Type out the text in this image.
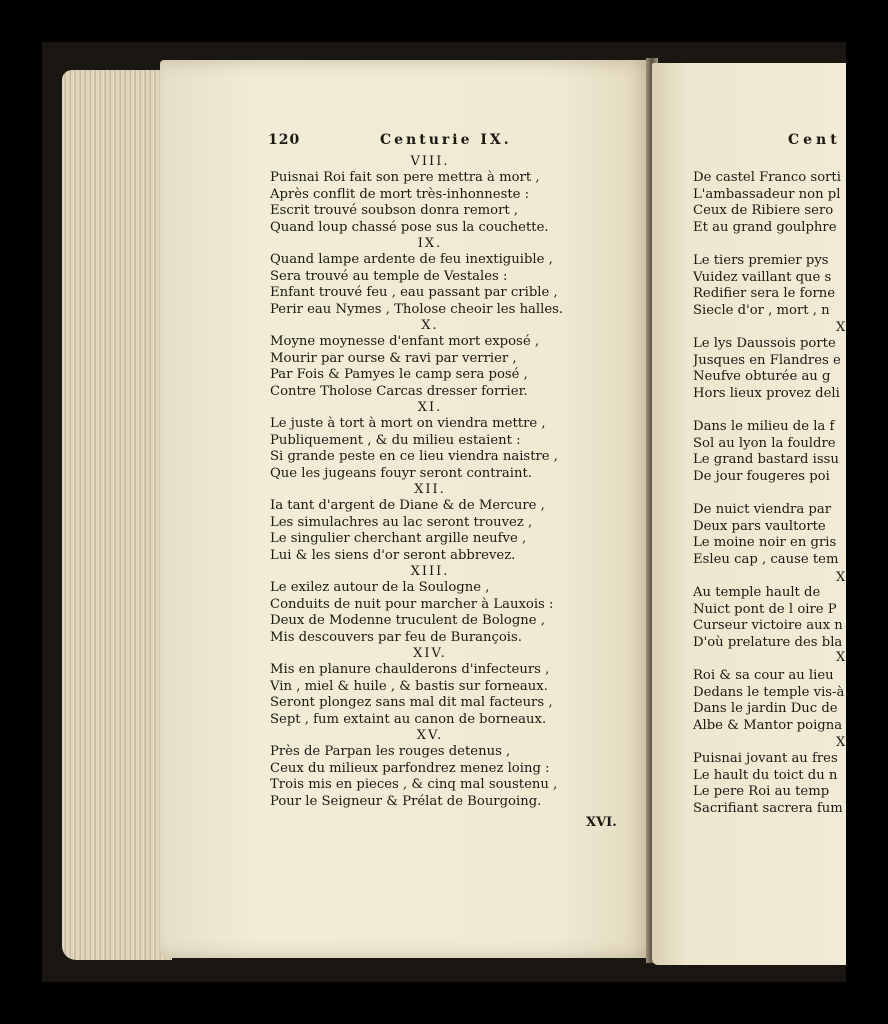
120	Centurie IX.
VIII.
Puisnai Roi fait son pere mettra à mort ,
Après conflit de mort très-inhonneste :
Escrit trouvé soubson donra remort ,
Quand loup chassé pose sus la couchette.
IX.
Quand lampe ardente de feu inextiguible ,
Sera trouvé au temple de Vestales :
Enfant trouvé feu , eau passant par crible ,
Perir eau Nymes , Tholose cheoir les halles.
X.
Moyne moynesse d'enfant mort exposé ,
Mourir par ourse & ravi par verrier ,
Par Fois & Pamyes le camp sera posé ,
Contre Tholose Carcas dresser forrier.
XI.
Le juste à tort à mort on viendra mettre ,
Publiquement , & du milieu estaient :
Si grande peste en ce lieu viendra naistre ,
Que les jugeans fouyr seront contraint.
XII.
Ia tant d'argent de Diane & de Mercure ,
Les simulachres au lac seront trouvez ,
Le singulier cherchant argille neufve ,
Lui & les siens d'or seront abbrevez.
XIII.
Le exilez autour de la Soulogne ,
Conduits de nuit pour marcher à Lauxois :
Deux de Modenne truculent de Bologne ,
Mis descouvers par feu de Burançois.
XIV.
Mis en planure chaulderons d'infecteurs ,
Vin , miel & huile , & bastis sur forneaux.
Seront plongez sans mal dit mal facteurs ,
Sept , fum extaint au canon de borneaux.
XV.
Près de Parpan les rouges detenus ,
Ceux du milieux parfondrez menez loing :
Trois mis en pieces , & cinq mal soustenu ,
Pour le Seigneur & Prélat de Bourgoing.
XVI.
Cent
De castel Franco sorti
L'ambassadeur non pl
Ceux de Ribiere sero
Et au grand goulphre
Le tiers premier pys
Vuidez vaillant que s
Redifier sera le forne
Siecle d'or , mort , n
Le lys Daussois porte
Jusques en Flandres e
Neufve obturée au g
Hors lieux provez deli
Dans le milieu de la f
Sol au lyon la fouldre
Le grand bastard issu
De jour fougeres poi
De nuict viendra par
Deux pars vaultorte
Le moine noir en gris
Esleu cap , cause tem
Au temple hault de
Nuict pont de l oire P
Curseur victoire aux n
D'où prelature des bla
Roi & sa cour au lieu
Dedans le temple vis-à
Dans le jardin Duc de
Albe & Mantor poigna
Puisnai jovant au fres
Le hault du toict du n
Le pere Roi au temp
Sacrifiant sacrera fum
X
X
X
X
